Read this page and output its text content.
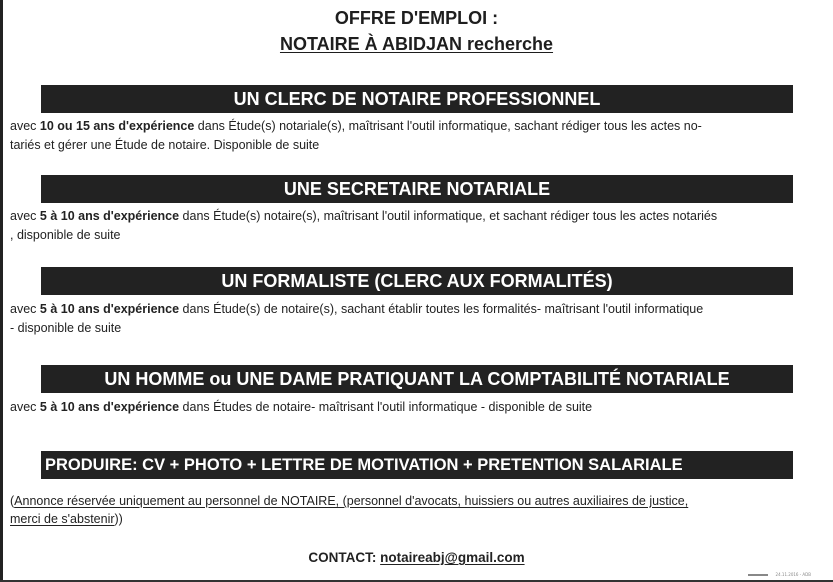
OFFRE D'EMPLOI :
NOTAIRE À ABIDJAN recherche
UN CLERC DE NOTAIRE PROFESSIONNEL
avec 10 ou 15 ans d'expérience dans Étude(s) notariale(s), maîtrisant l'outil informatique, sachant rédiger tous les actes no-
tariés et gérer une Étude de notaire. Disponible de suite
UNE SECRETAIRE NOTARIALE
avec 5 à 10 ans d'expérience dans Étude(s) notaire(s), maîtrisant l'outil informatique, et sachant rédiger tous les actes notariés
, disponible de suite
UN FORMALISTE (CLERC AUX FORMALITÉS)
avec 5 à 10 ans d'expérience dans Étude(s) de notaire(s), sachant établir toutes les formalités- maîtrisant l'outil informatique
- disponible de suite
UN HOMME ou UNE DAME PRATIQUANT LA COMPTABILITÉ NOTARIALE
avec 5 à 10 ans d'expérience dans Études de notaire- maîtrisant l'outil informatique - disponible de suite
PRODUIRE: CV + PHOTO + LETTRE DE MOTIVATION + PRETENTION SALARIALE
(Annonce réservée uniquement au personnel de NOTAIRE, (personnel d'avocats, huissiers ou autres auxiliaires de justice,
merci de s'abstenir))
CONTACT: notaireabj@gmail.com
24.11.2016 - ADB
